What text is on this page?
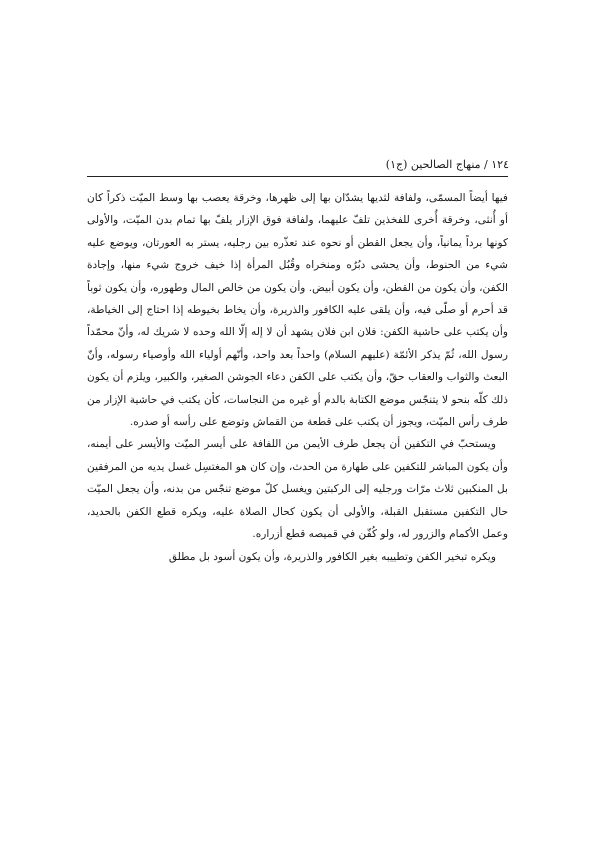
١٢٤ / منهاج الصالحين (ج١)

فيها أيضاً المسمّى، ولفافة لثديها يشدّان بها إلى ظهرها، وخرقة يعصب بها وسط الميّت ذكراً كان أو أُنثى، وخرقة أُخرى للفخذين تلفّ عليهما، ولفافة فوق الإزار يلفّ بها تمام بدن الميّت، والأولى كونها برداً يمانياً، وأن يجعل القطن أو نحوه عند تعذّره بين رجليه، يستر به العورتان، ويوضع عليه شيء من الحنوط، وأن يحشى دبُرُه ومنخراه وقُبُل المرأة إذا خيف خروج شيء منها، وإجادة الكفن، وأن يكون من القطن، وأن يكون أبيض. وأن يكون من خالص المال وطهوره، وأن يكون ثوباً قد أحرم أو صلّى فيه، وأن يلقى عليه الكافور والذريرة، وأن يخاط بخيوطه إذا احتاج إلى الخياطة، وأن يكتب على حاشية الكفن: فلان ابن فلان يشهد أن لا إله إلّا الله وحده لا شريك له، وأنّ محمّداً رسول الله، ثُمّ يذكر الأئمّة (عليهم السلام) واحداً بعد واحد، وأنّهم أولياء الله وأوصياء رسوله، وأنّ البعث والثواب والعقاب حقّ، وأن يكتب على الكفن دعاء الجوشن الصغير، والكبير، ويلزم أن يكون ذلك كلّه بنحو لا يتنجّس موضع الكتابة بالدم أو غيره من النجاسات، كأن يكتب في حاشية الإزار من طرف رأس الميّت، ويجوز أن يكتب على قطعة من القماش وتوضع على رأسه أو صدره.

ويستحبّ في التكفين أن يجعل طرف الأيمن من اللفافة على أيسر الميّت والأيسر على أيمنه، وأن يكون المباشر للتكفين على طهارة من الحدث، وإن كان هو المغتسِل غسل يديه من المرفقين بل المنكبين ثلاث مرّات ورجليه إلى الركبتين ويغسل كلّ موضع تنجّس من بدنه، وأن يجعل الميّت حال التكفين مستقبل القبلة، والأولى أن يكون كحال الصلاة عليه، ويكره قطع الكفن بالحديد، وعمل الأكمام والزرور له، ولو كُفّن في قميصه قطع أزراره.

ويكره تبخير الكفن وتطييبه بغير الكافور والذريرة، وأن يكون أسود بل مطلق
